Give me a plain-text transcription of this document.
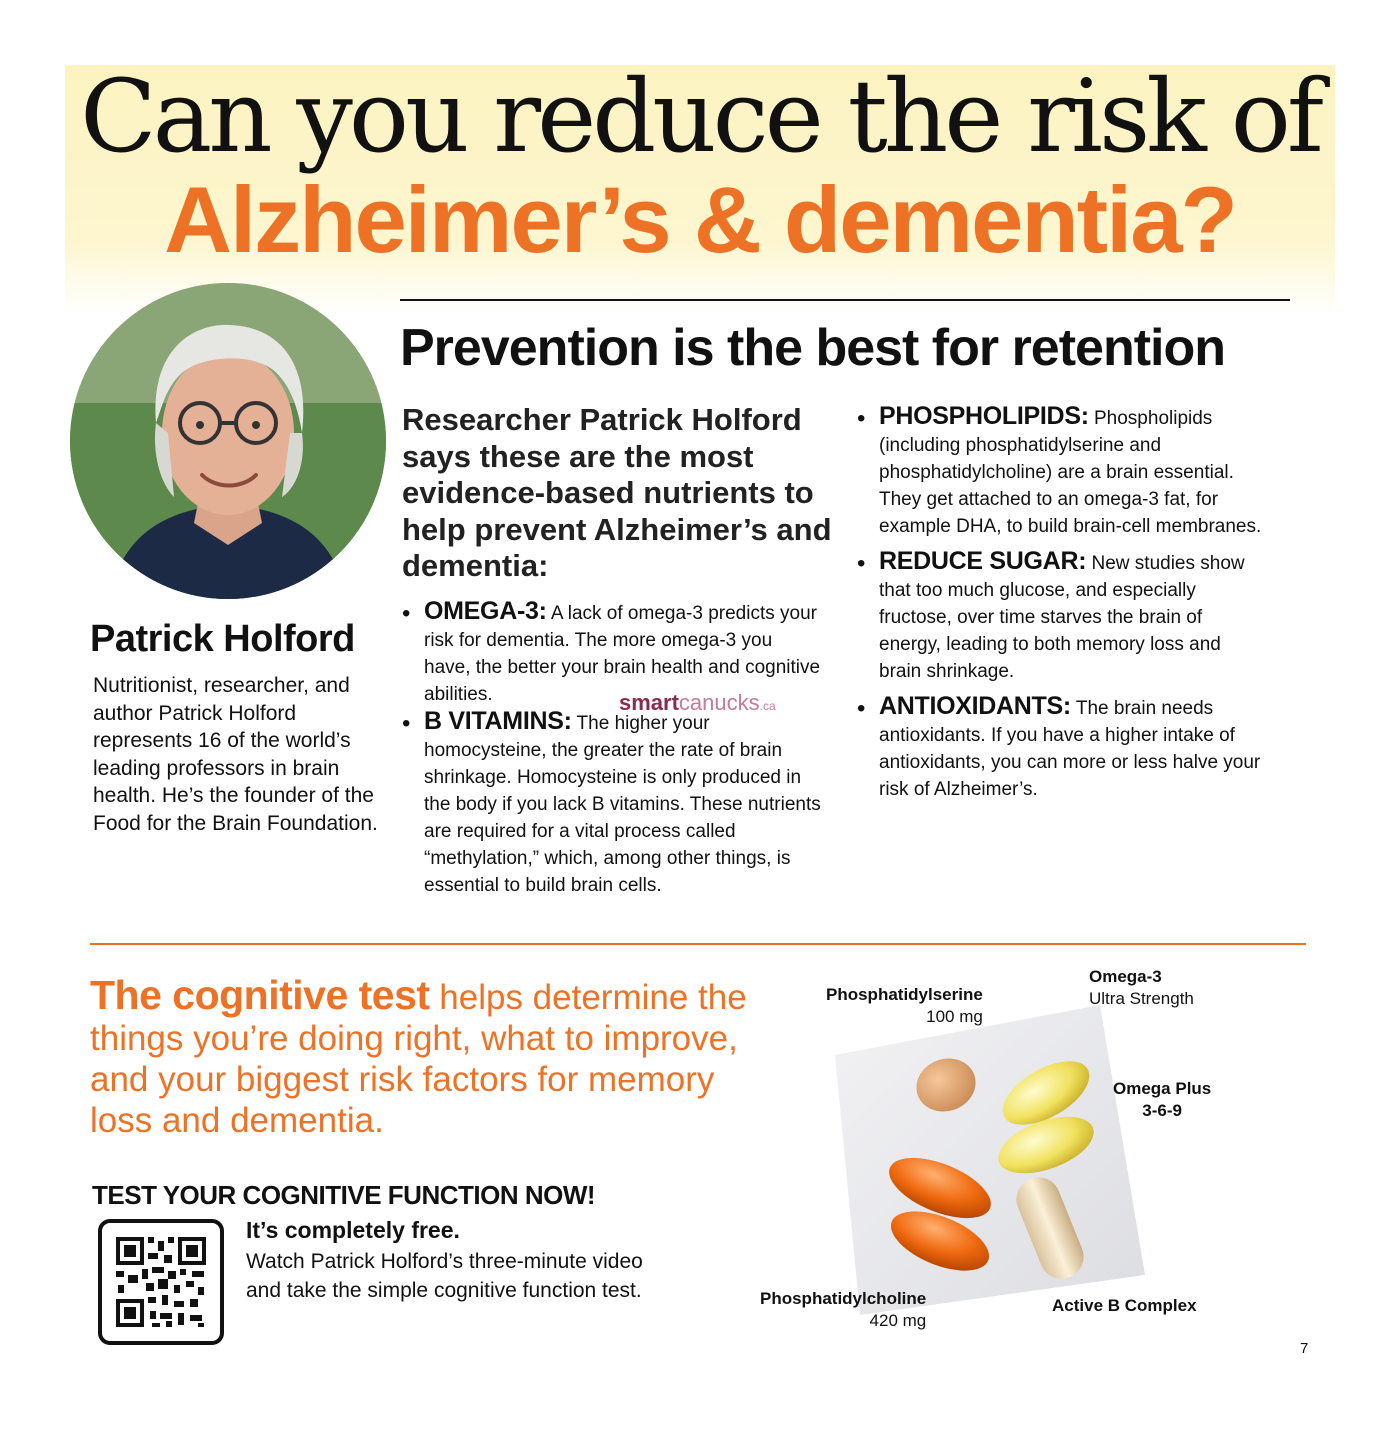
Can you reduce the risk of
Alzheimer’s & dementia?
Patrick Holford

Nutritionist, researcher, and author Patrick Holford represents 16 of the world’s leading professors in brain health. He’s the founder of the Food for the Brain Foundation.

Prevention is the best for retention

Researcher Patrick Holford says these are the most evidence-based nutrients to help prevent Alzheimer’s and dementia:

• OMEGA-3: A lack of omega-3 predicts your risk for dementia. The more omega-3 you have, the better your brain health and cognitive abilities.
• B VITAMINS: The higher your homocysteine, the greater the rate of brain shrinkage. Homocysteine is only produced in the body if you lack B vitamins. These nutrients are required for a vital process called “methylation,” which, among other things, is essential to build brain cells.
• PHOSPHOLIPIDS: Phospholipids (including phosphatidylserine and phosphatidylcholine) are a brain essential. They get attached to an omega-3 fat, for example DHA, to build brain-cell membranes.
• REDUCE SUGAR: New studies show that too much glucose, and especially fructose, over time starves the brain of energy, leading to both memory loss and brain shrinkage.
• ANTIOXIDANTS: The brain needs antioxidants. If you have a higher intake of antioxidants, you can more or less halve your risk of Alzheimer’s.
smartcanucks.ca

The cognitive test helps determine the things you’re doing right, what to improve, and your biggest risk factors for memory loss and dementia.

TEST YOUR COGNITIVE FUNCTION NOW!

It’s completely free.

Watch Patrick Holford’s three-minute video and take the simple cognitive function test.

Phosphatidylserine
100 mg

Omega-3
Ultra Strength

Omega Plus
3-6-9

Phosphatidylcholine
420 mg

Active B Complex

7
